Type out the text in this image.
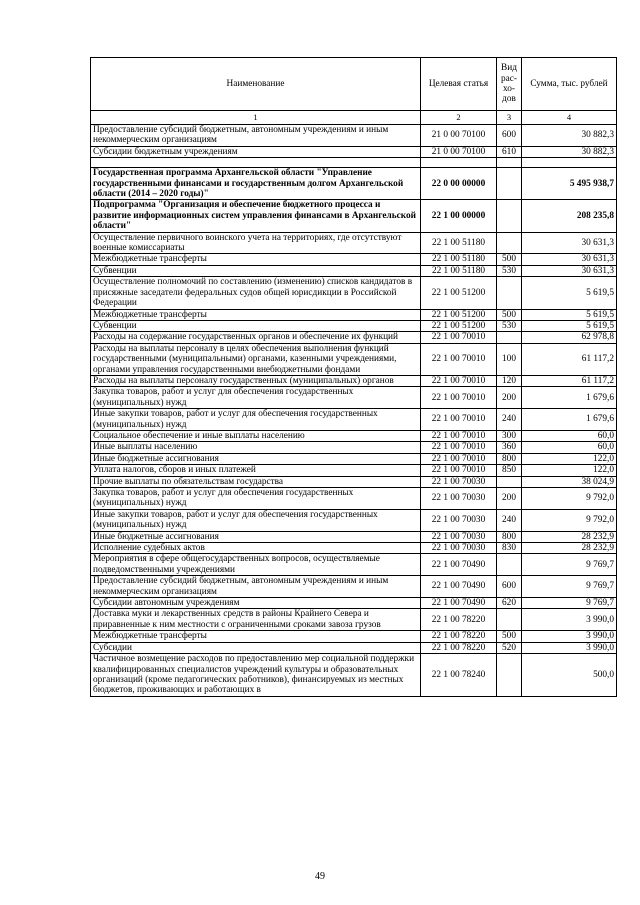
Наименование	Целевая статья	Вид рас-хо-дов	Сумма, тыс. рублей
1	2	3	4
Предоставление субсидий бюджетным, автономным учреждениям и иным некоммерческим организациям	21 0 00 70100	600	30 882,3
Субсидии бюджетным учреждениям	21 0 00 70100	610	30 882,3

Государственная программа Архангельской области "Управление государственными финансами и государственным долгом Архангельской области (2014 – 2020 годы)"	22 0 00 00000		5 495 938,7
Подпрограмма "Организация и обеспечение бюджетного процесса и развитие информационных систем управления финансами в Архангельской области"	22 1 00 00000		208 235,8
Осуществление первичного воинского учета на территориях, где отсутствуют военные комиссариаты	22 1 00 51180		30 631,3
Межбюджетные трансферты	22 1 00 51180	500	30 631,3
Субвенции	22 1 00 51180	530	30 631,3
Осуществление полномочий по составлению (изменению) списков кандидатов в присяжные заседатели федеральных судов общей юрисдикции в Российской Федерации	22 1 00 51200		5 619,5
Межбюджетные трансферты	22 1 00 51200	500	5 619,5
Субвенции	22 1 00 51200	530	5 619,5
Расходы на содержание государственных органов и обеспечение их функций	22 1 00 70010		62 978,8
Расходы на выплаты персоналу в целях обеспечения выполнения функций государственными (муниципальными) органами, казенными учреждениями, органами управления государственными внебюджетными фондами	22 1 00 70010	100	61 117,2
Расходы на выплаты персоналу государственных (муниципальных) органов	22 1 00 70010	120	61 117,2
Закупка товаров, работ и услуг для обеспечения государственных (муниципальных) нужд	22 1 00 70010	200	1 679,6
Иные закупки товаров, работ и услуг для обеспечения государственных (муниципальных) нужд	22 1 00 70010	240	1 679,6
Социальное обеспечение и иные выплаты населению	22 1 00 70010	300	60,0
Иные выплаты населению	22 1 00 70010	360	60,0
Иные бюджетные ассигнования	22 1 00 70010	800	122,0
Уплата налогов, сборов и иных платежей	22 1 00 70010	850	122,0
Прочие выплаты по обязательствам государства	22 1 00 70030		38 024,9
Закупка товаров, работ и услуг для обеспечения государственных (муниципальных) нужд	22 1 00 70030	200	9 792,0
Иные закупки товаров, работ и услуг для обеспечения государственных (муниципальных) нужд	22 1 00 70030	240	9 792,0
Иные бюджетные ассигнования	22 1 00 70030	800	28 232,9
Исполнение судебных актов	22 1 00 70030	830	28 232,9
Мероприятия в сфере общегосударственных вопросов, осуществляемые подведомственными учреждениями	22 1 00 70490		9 769,7
Предоставление субсидий бюджетным, автономным учреждениям и иным некоммерческим организациям	22 1 00 70490	600	9 769,7
Субсидии автономным учреждениям	22 1 00 70490	620	9 769,7
Доставка муки и лекарственных средств в районы Крайнего Севера и приравненные к ним местности с ограниченными сроками завоза грузов	22 1 00 78220		3 990,0
Межбюджетные трансферты	22 1 00 78220	500	3 990,0
Субсидии	22 1 00 78220	520	3 990,0
Частичное возмещение расходов по предоставлению мер социальной поддержки квалифицированных специалистов учреждений культуры и образовательных организаций (кроме педагогических работников), финансируемых из местных бюджетов, проживающих и работающих в	22 1 00 78240		500,0
49
